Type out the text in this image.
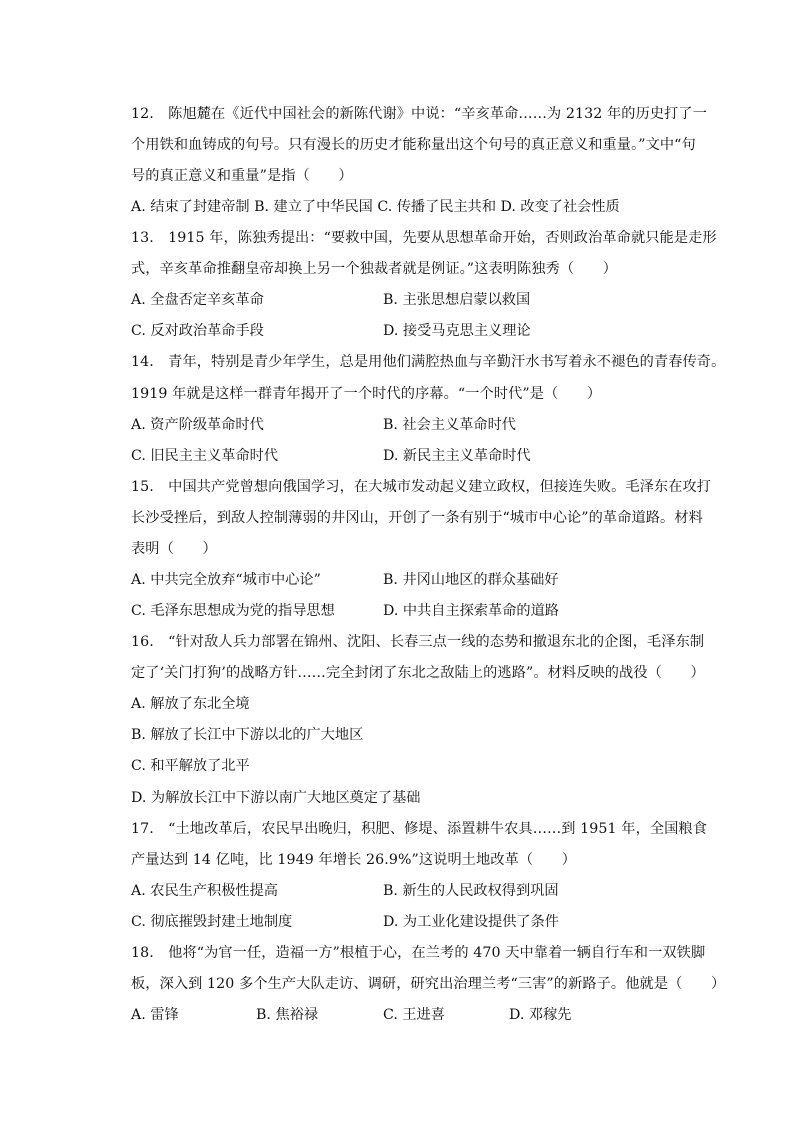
12.　陈旭麓在《近代中国社会的新陈代谢》中说：“辛亥革命……为 2132 年的历史打了一
个用铁和血铸成的句号。只有漫长的历史才能称量出这个句号的真正意义和重量。”文中“句
号的真正意义和重量”是指（　　）
A. 结束了封建帝制 B. 建立了中华民国 C. 传播了民主共和 D. 改变了社会性质
13.　1915 年，陈独秀提出：“要救中国，先要从思想革命开始，否则政治革命就只能是走形
式，辛亥革命推翻皇帝却换上另一个独裁者就是例证。”这表明陈独秀（　　）
A. 全盘否定辛亥革命	B. 主张思想启蒙以救国
C. 反对政治革命手段	D. 接受马克思主义理论
14.　青年，特别是青少年学生，总是用他们满腔热血与辛勤汗水书写着永不褪色的青春传奇。
1919 年就是这样一群青年揭开了一个时代的序幕。“一个时代”是（　　）
A. 资产阶级革命时代	B. 社会主义革命时代
C. 旧民主主义革命时代	D. 新民主主义革命时代
15.　中国共产党曾想向俄国学习，在大城市发动起义建立政权，但接连失败。毛泽东在攻打
长沙受挫后，到敌人控制薄弱的井冈山，开创了一条有别于“城市中心论”的革命道路。材料
表明（　　）
A. 中共完全放弃“城市中心论”	B. 井冈山地区的群众基础好
C. 毛泽东思想成为党的指导思想	D. 中共自主探索革命的道路
16.　“针对敌人兵力部署在锦州、沈阳、长春三点一线的态势和撤退东北的企图，毛泽东制
定了‘关门打狗’的战略方针……完全封闭了东北之敌陆上的逃路”。材料反映的战役（　　）
A. 解放了东北全境
B. 解放了长江中下游以北的广大地区
C. 和平解放了北平
D. 为解放长江中下游以南广大地区奠定了基础
17.　“土地改革后，农民早出晚归，积肥、修堤、添置耕牛农具……到 1951 年，全国粮食
产量达到 14 亿吨，比 1949 年增长 26.9%”这说明土地改革（　　）
A. 农民生产积极性提高	B. 新生的人民政权得到巩固
C. 彻底摧毁封建土地制度	D. 为工业化建设提供了条件
18.　他将“为官一任，造福一方”根植于心，在兰考的 470 天中靠着一辆自行车和一双铁脚
板，深入到 120 多个生产大队走访、调研，研究出治理兰考“三害”的新路子。他就是（　　）
A. 雷锋	B. 焦裕禄	C. 王进喜	D. 邓稼先
